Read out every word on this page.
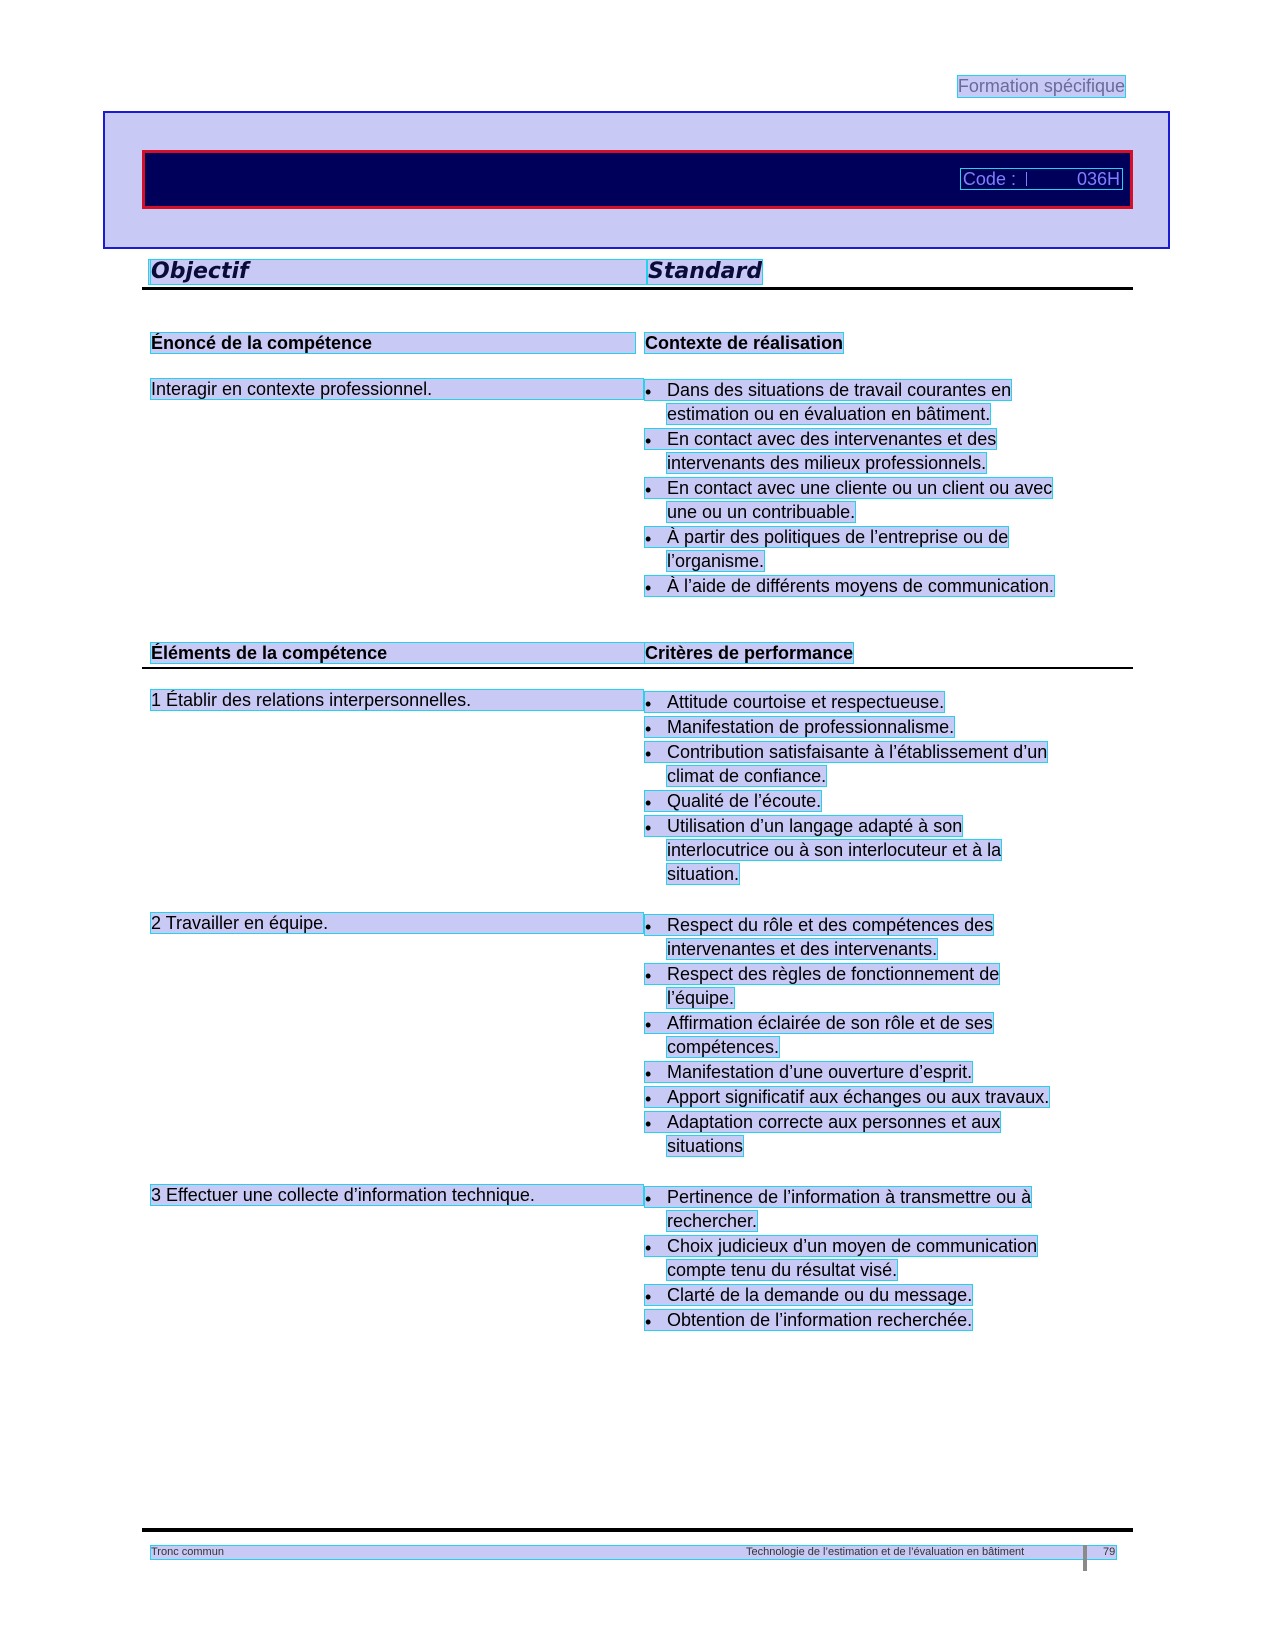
Formation spécifique
Code :	036H
Objectif	Standard
Énoncé de la compétence	Contexte de réalisation
Interagir en contexte professionnel.	• Dans des situations de travail courantes en
estimation ou en évaluation en bâtiment.
• En contact avec des intervenantes et des
intervenants des milieux professionnels.
• En contact avec une cliente ou un client ou avec
une ou un contribuable.
• À partir des politiques de l’entreprise ou de
l’organisme.
• À l’aide de différents moyens de communication.
Éléments de la compétence	Critères de performance
1 Établir des relations interpersonnelles.	• Attitude courtoise et respectueuse.
• Manifestation de professionnalisme.
• Contribution satisfaisante à l’établissement d’un
climat de confiance.
• Qualité de l’écoute.
• Utilisation d’un langage adapté à son
interlocutrice ou à son interlocuteur et à la
situation.
2 Travailler en équipe.	• Respect du rôle et des compétences des
intervenantes et des intervenants.
• Respect des règles de fonctionnement de
l’équipe.
• Affirmation éclairée de son rôle et de ses
compétences.
• Manifestation d’une ouverture d’esprit.
• Apport significatif aux échanges ou aux travaux.
• Adaptation correcte aux personnes et aux
situations
3 Effectuer une collecte d’information technique.	• Pertinence de l’information à transmettre ou à
rechercher.
• Choix judicieux d’un moyen de communication
compte tenu du résultat visé.
• Clarté de la demande ou du message.
• Obtention de l’information recherchée.
Tronc commun	Technologie de l’estimation et de l’évaluation en bâtiment	79
